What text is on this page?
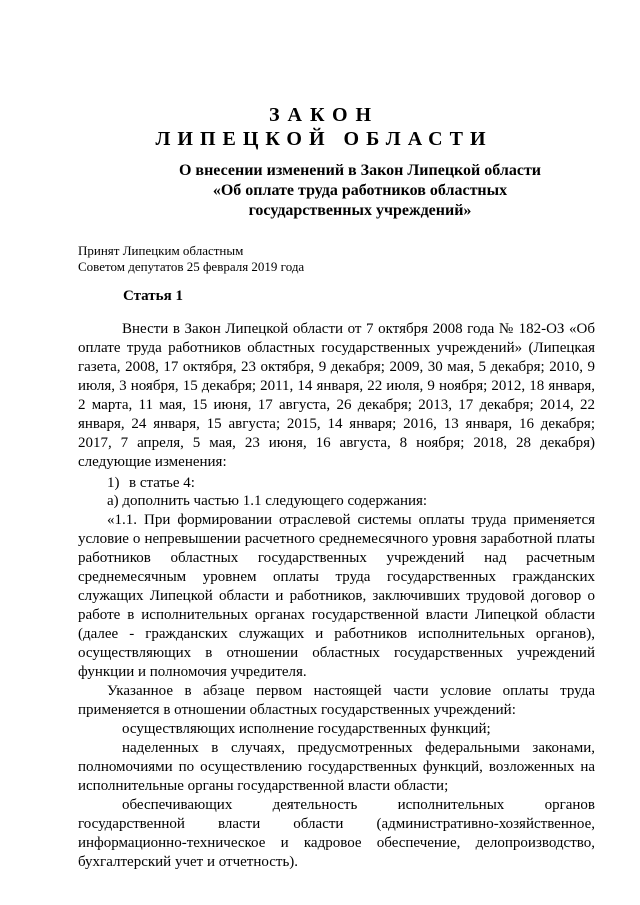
ЗАКОН
ЛИПЕЦКОЙ ОБЛАСТИ
О внесении изменений в Закон Липецкой области
«Об оплате труда работников областных
государственных учреждений»
Принят Липецким областным
Советом депутатов 25 февраля 2019 года
Статья 1

Внести в Закон Липецкой области от 7 октября 2008 года № 182-ОЗ «Об оплате труда работников областных государственных учреждений» (Липецкая газета, 2008, 17 октября, 23 октября, 9 декабря; 2009, 30 мая, 5 декабря; 2010, 9 июля, 3 ноября, 15 декабря; 2011, 14 января, 22 июля, 9 ноября; 2012, 18 января, 2 марта, 11 мая, 15 июня, 17 августа, 26 декабря; 2013, 17 декабря; 2014, 22 января, 24 января, 15 августа; 2015, 14 января; 2016, 13 января, 16 декабря; 2017, 7 апреля, 5 мая, 23 июня, 16 августа, 8 ноября; 2018, 28 декабря) следующие изменения:

1) в статье 4:

а) дополнить частью 1.1 следующего содержания:

«1.1. При формировании отраслевой системы оплаты труда применяется условие о непревышении расчетного среднемесячного уровня заработной платы работников областных государственных учреждений над расчетным среднемесячным уровнем оплаты труда государственных гражданских служащих Липецкой области и работников, заключивших трудовой договор о работе в исполнительных органах государственной власти Липецкой области (далее - гражданских служащих и работников исполнительных органов), осуществляющих в отношении областных государственных учреждений функции и полномочия учредителя.

Указанное в абзаце первом настоящей части условие оплаты труда применяется в отношении областных государственных учреждений:

осуществляющих исполнение государственных функций;

наделенных в случаях, предусмотренных федеральными законами, полномочиями по осуществлению государственных функций, возложенных на исполнительные органы государственной власти области;

обеспечивающих деятельность исполнительных органов государственной власти области (административно-хозяйственное, информационно-техническое и кадровое обеспечение, делопроизводство, бухгалтерский учет и отчетность).
